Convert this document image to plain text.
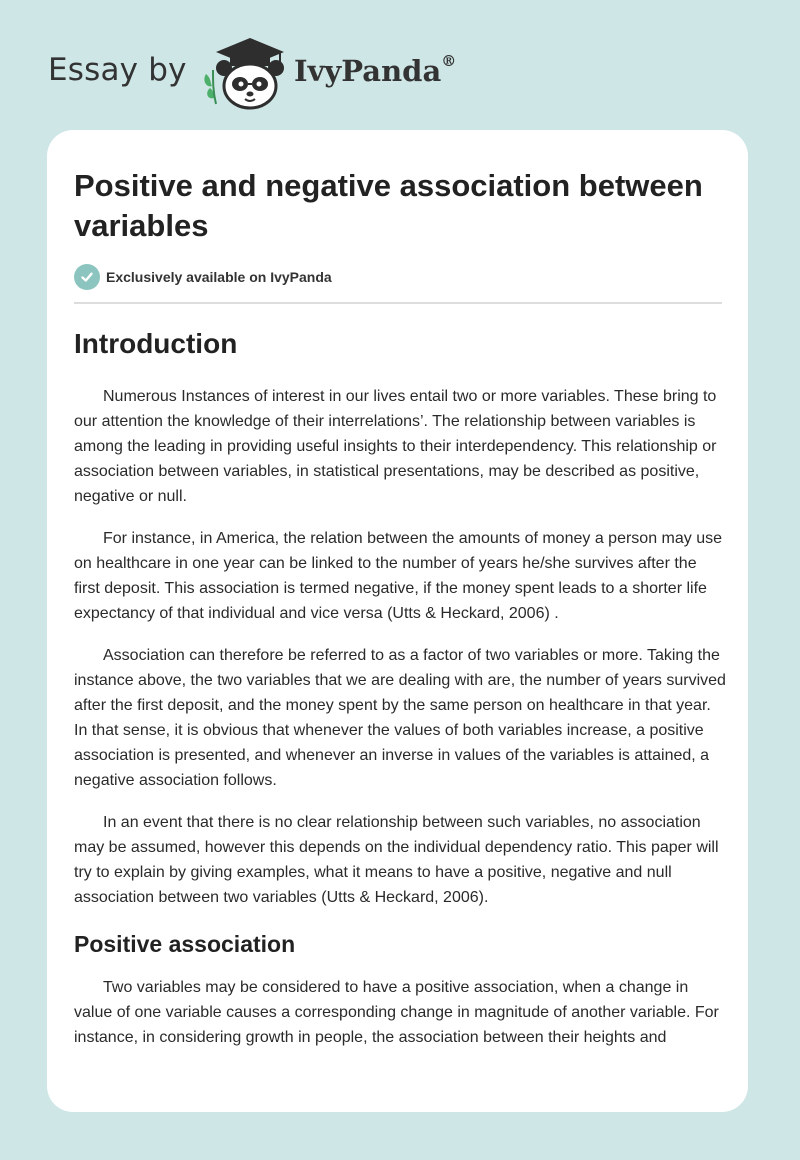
Essay by	IvyPanda®
Positive and negative association between variables
Exclusively available on IvyPanda
Introduction

Numerous Instances of interest in our lives entail two or more variables. These bring to our attention the knowledge of their interrelations’. The relationship between variables is among the leading in providing useful insights to their interdependency. This relationship or association between variables, in statistical presentations, may be described as positive, negative or null.

For instance, in America, the relation between the amounts of money a person may use on healthcare in one year can be linked to the number of years he/she survives after the first deposit. This association is termed negative, if the money spent leads to a shorter life expectancy of that individual and vice versa (Utts & Heckard, 2006) .

Association can therefore be referred to as a factor of two variables or more. Taking the instance above, the two variables that we are dealing with are, the number of years survived after the first deposit, and the money spent by the same person on healthcare in that year. In that sense, it is obvious that whenever the values of both variables increase, a positive association is presented, and whenever an inverse in values of the variables is attained, a negative association follows.

In an event that there is no clear relationship between such variables, no association may be assumed, however this depends on the individual dependency ratio. This paper will try to explain by giving examples, what it means to have a positive, negative and null association between two variables (Utts & Heckard, 2006).

Positive association

Two variables may be considered to have a positive association, when a change in value of one variable causes a corresponding change in magnitude of another variable. For instance, in considering growth in people, the association between their heights and
